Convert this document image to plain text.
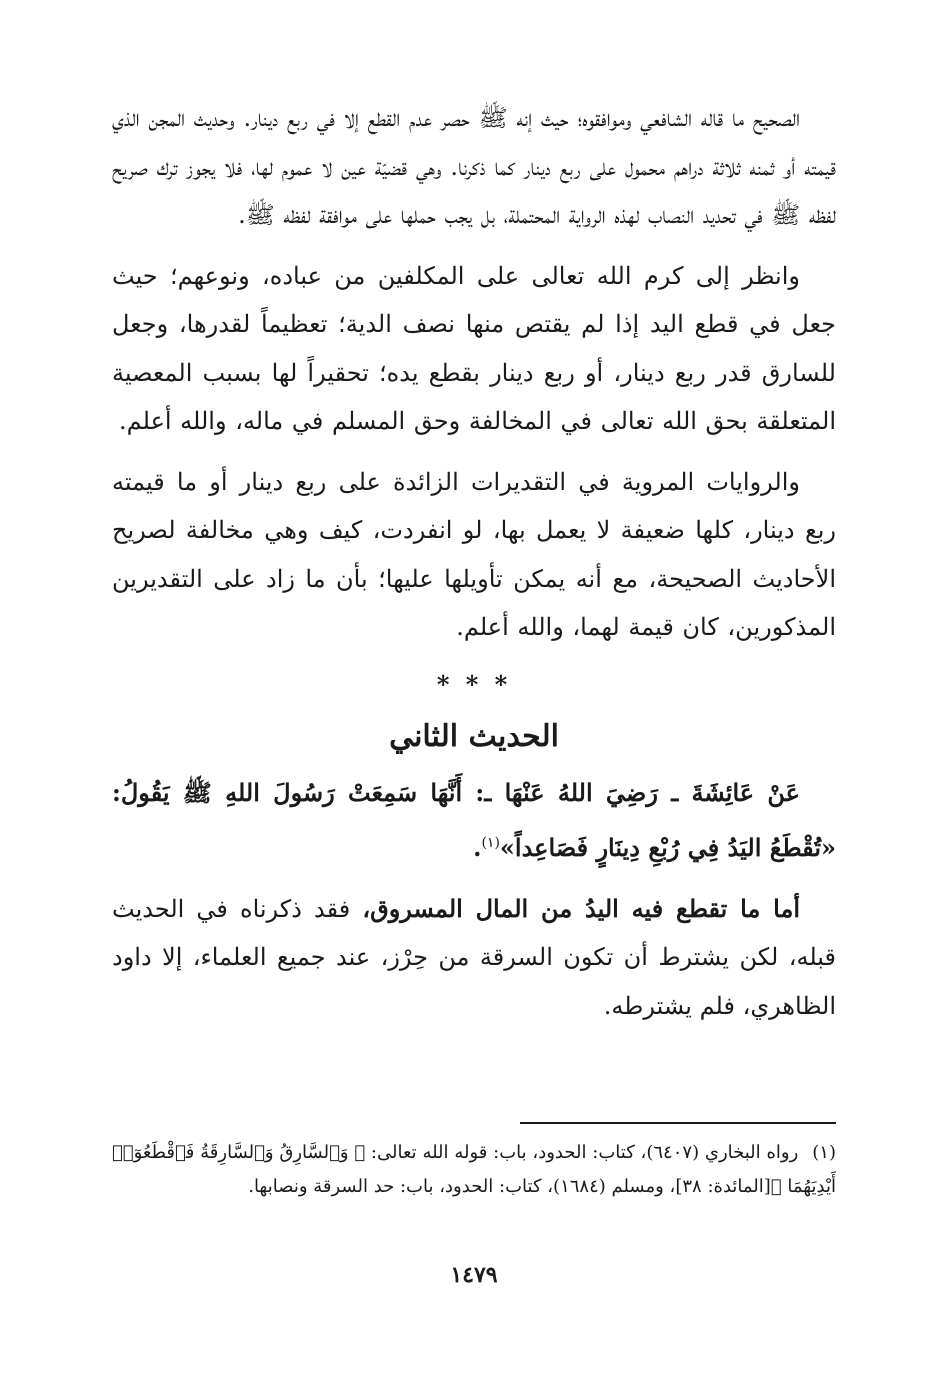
الصحيح ما قاله الشافعي وموافقوه؛ حيث إنه ﷺ حصر عدم القطع إلا في ربع دينار. وحديث المجن الذي قيمته أو ثمنه ثلاثة دراهم محمول على ربع دينار كما ذكرنا. وهي قضيّة عين لا عموم لها، فلا يجوز ترك صريح لفظه ﷺ في تحديد النصاب لهذه الرواية المحتملة، بل يجب حملها على موافقة لفظه ﷺ.

وانظر إلى كرم الله تعالى على المكلفين من عباده، ونوعهم؛ حيث جعل في قطع اليد إذا لم يقتص منها نصف الدية؛ تعظيماً لقدرها، وجعل للسارق قدر ربع دينار، أو ربع دينار بقطع يده؛ تحقيراً لها بسبب المعصية المتعلقة بحق الله تعالى في المخالفة وحق المسلم في ماله، والله أعلم.

والروايات المروية في التقديرات الزائدة على ربع دينار أو ما قيمته ربع دينار، كلها ضعيفة لا يعمل بها، لو انفردت، كيف وهي مخالفة لصريح الأحاديث الصحيحة، مع أنه يمكن تأويلها عليها؛ بأن ما زاد على التقديرين المذكورين، كان قيمة لهما، والله أعلم.

* * *
الحديث الثاني

عَنْ عَائِشَةَ ـ رَضِيَ اللهُ عَنْهَا ـ: أَنَّهَا سَمِعَتْ رَسُولَ اللهِ ﷺ يَقُولُ: «تُقْطَعُ اليَدُ فِي رُبْعِ دِينَارٍ فَصَاعِداً»$^{(١)}$.

أما ما تقطع فيه اليدُ من المال المسروق، فقد ذكرناه في الحديث قبله، لكن يشترط أن تكون السرقة من حِرْز، عند جميع العلماء، إلا داود الظاهري، فلم يشترطه.

(١)رواه البخاري (٦٤٠٧)، كتاب: الحدود، باب: قوله الله تعالى: ﴿ وَٱلسَّارِقُ وَٱلسَّارِقَةُ فَٱقْطَعُوٓا۟ أَيْدِيَهُمَا ﴾[المائدة: ٣٨]، ومسلم (١٦٨٤)، كتاب: الحدود، باب: حد السرقة ونصابها.
١٤٧٩
